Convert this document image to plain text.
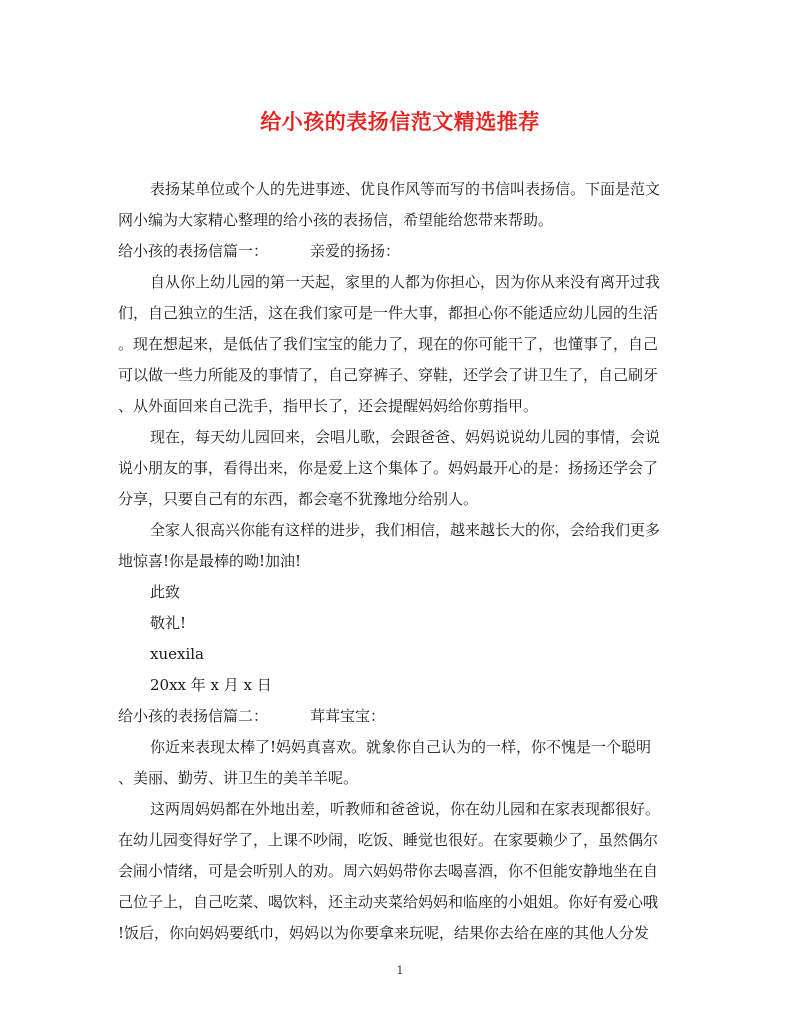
给小孩的表扬信范文精选推荐
表扬某单位或个人的先进事迹、优良作风等而写的书信叫表扬信。下面是范文
网小编为大家精心整理的给小孩的表扬信，希望能给您带来帮助。
给小孩的表扬信篇一：	亲爱的扬扬：
自从你上幼儿园的第一天起，家里的人都为你担心，因为你从来没有离开过我
们，自己独立的生活，这在我们家可是一件大事，都担心你不能适应幼儿园的生活
。现在想起来，是低估了我们宝宝的能力了，现在的你可能干了，也懂事了，自己
可以做一些力所能及的事情了，自己穿裤子、穿鞋，还学会了讲卫生了，自己刷牙
、从外面回来自己洗手，指甲长了，还会提醒妈妈给你剪指甲。
现在，每天幼儿园回来，会唱儿歌，会跟爸爸、妈妈说说幼儿园的事情，会说
说小朋友的事，看得出来，你是爱上这个集体了。妈妈最开心的是：扬扬还学会了
分享，只要自己有的东西，都会毫不犹豫地分给别人。
全家人很高兴你能有这样的进步，我们相信，越来越长大的你，会给我们更多
地惊喜!你是最棒的呦!加油!
此致
敬礼!
xuexila
20xx 年 x 月 x 日
给小孩的表扬信篇二：	茸茸宝宝：
你近来表现太棒了!妈妈真喜欢。就象你自己认为的一样，你不愧是一个聪明
、美丽、勤劳、讲卫生的美羊羊呢。
这两周妈妈都在外地出差，听教师和爸爸说，你在幼儿园和在家表现都很好。
在幼儿园变得好学了，上课不吵闹，吃饭、睡觉也很好。在家要赖少了，虽然偶尔
会闹小情绪，可是会听别人的劝。周六妈妈带你去喝喜酒，你不但能安静地坐在自
己位子上，自己吃菜、喝饮料，还主动夹菜给妈妈和临座的小姐姐。你好有爱心哦
!饭后，你向妈妈要纸巾，妈妈以为你要拿来玩呢，结果你去给在座的其他人分发
1
